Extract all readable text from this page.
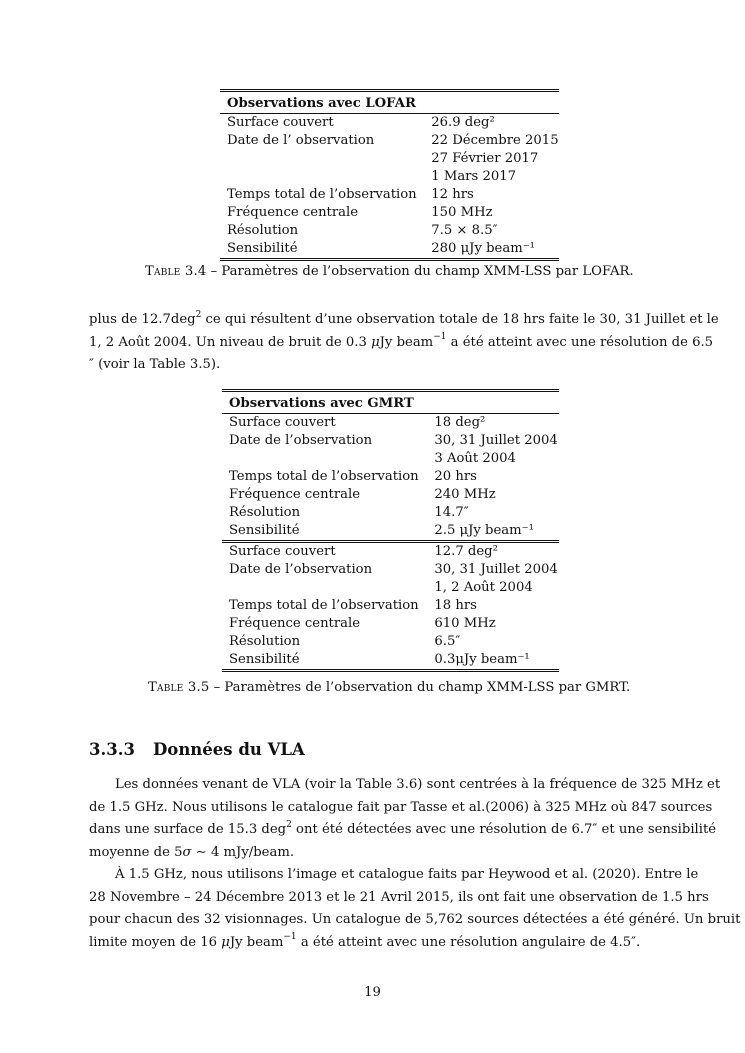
Observations avec LOFAR	
Surface couvert	26.9 deg²
Date de l’ observation	22 Décembre 2015
	27 Février 2017
	1 Mars 2017
Temps total de l’observation	12 hrs
Fréquence centrale	150 MHz
Résolution	7.5 × 8.5″
Sensibilité	280 μJy beam⁻¹
Table 3.4 – Paramètres de l’observation du champ XMM-LSS par LOFAR.
plus de 12.7deg$^2$ ce qui résultent d’une observation totale de 18 hrs faite le 30, 31 Juillet et le
1, 2 Août 2004. Un niveau de bruit de 0.3 μJy beam$^{-1}$ a été atteint avec une résolution de 6.5
″ (voir la Table 3.5).
Observations avec GMRT	
Surface couvert	18 deg²
Date de l’observation	30, 31 Juillet 2004
	3 Août 2004
Temps total de l’observation	20 hrs
Fréquence centrale	240 MHz
Résolution	14.7″
Sensibilité	2.5 μJy beam⁻¹
Surface couvert	12.7 deg²
Date de l’observation	30, 31 Juillet 2004
	1, 2 Août 2004
Temps total de l’observation	18 hrs
Fréquence centrale	610 MHz
Résolution	6.5″
Sensibilité	0.3μJy beam⁻¹
Table 3.5 – Paramètres de l’observation du champ XMM-LSS par GMRT.
3.3.3 Données du VLA
Les données venant de VLA (voir la Table 3.6) sont centrées à la fréquence de 325 MHz et
de 1.5 GHz. Nous utilisons le catalogue fait par Tasse et al.(2006) à 325 MHz où 847 sources
dans une surface de 15.3 deg$^2$ ont été détectées avec une résolution de 6.7″ et une sensibilité
moyenne de 5σ ∼ 4 mJy/beam.
À 1.5 GHz, nous utilisons l’image et catalogue faits par Heywood et al. (2020). Entre le
28 Novembre – 24 Décembre 2013 et le 21 Avril 2015, ils ont fait une observation de 1.5 hrs
pour chacun des 32 visionnages. Un catalogue de 5,762 sources détectées a été généré. Un bruit
limite moyen de 16 μJy beam$^{-1}$ a été atteint avec une résolution angulaire de 4.5″.
19
